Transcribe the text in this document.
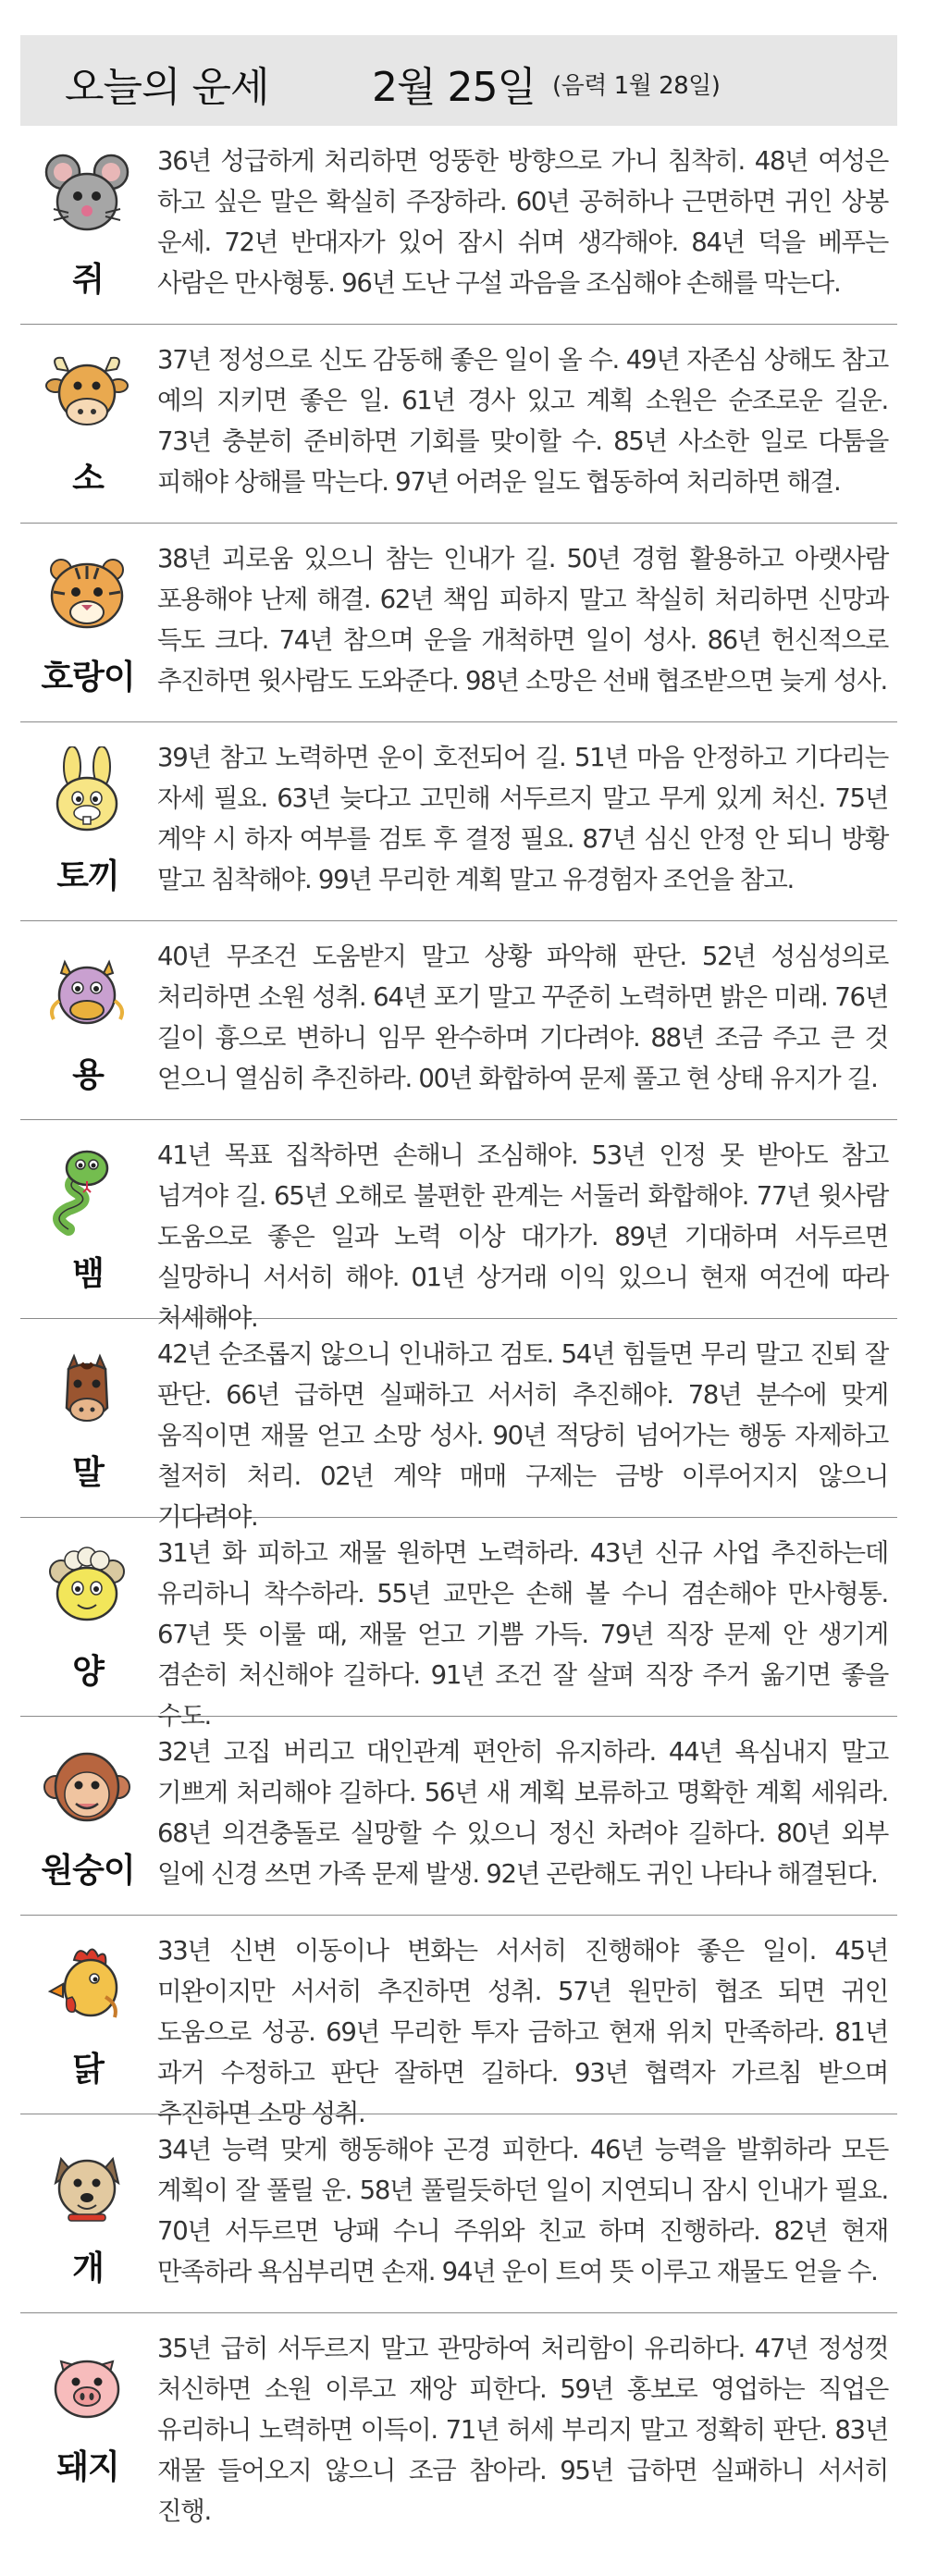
오늘의 운세	2월 25일 (음력 1월 28일)
쥐
36년 성급하게 처리하면 엉뚱한 방향으로 가니 침착히. 48년 여성은 하고 싶은 말은 확실히 주장하라. 60년 공허하나 근면하면 귀인 상봉 운세. 72년 반대자가 있어 잠시 쉬며 생각해야. 84년 덕을 베푸는 사람은 만사형통. 96년 도난 구설 과음을 조심해야 손해를 막는다.
소
37년 정성으로 신도 감동해 좋은 일이 올 수. 49년 자존심 상해도 참고 예의 지키면 좋은 일. 61년 경사 있고 계획 소원은 순조로운 길운. 73년 충분히 준비하면 기회를 맞이할 수. 85년 사소한 일로 다툼을 피해야 상해를 막는다. 97년 어려운 일도 협동하여 처리하면 해결.
호랑이
38년 괴로움 있으니 참는 인내가 길. 50년 경험 활용하고 아랫사람 포용해야 난제 해결. 62년 책임 피하지 말고 착실히 처리하면 신망과 득도 크다. 74년 참으며 운을 개척하면 일이 성사. 86년 헌신적으로 추진하면 윗사람도 도와준다. 98년 소망은 선배 협조받으면 늦게 성사.
토끼
39년 참고 노력하면 운이 호전되어 길. 51년 마음 안정하고 기다리는 자세 필요. 63년 늦다고 고민해 서두르지 말고 무게 있게 처신. 75년 계약 시 하자 여부를 검토 후 결정 필요. 87년 심신 안정 안 되니 방황 말고 침착해야. 99년 무리한 계획 말고 유경험자 조언을 참고.
용
40년 무조건 도움받지 말고 상황 파악해 판단. 52년 성심성의로 처리하면 소원 성취. 64년 포기 말고 꾸준히 노력하면 밝은 미래. 76년 길이 흉으로 변하니 임무 완수하며 기다려야. 88년 조금 주고 큰 것 얻으니 열심히 추진하라. 00년 화합하여 문제 풀고 현 상태 유지가 길.
뱀
41년 목표 집착하면 손해니 조심해야. 53년 인정 못 받아도 참고 넘겨야 길. 65년 오해로 불편한 관계는 서둘러 화합해야. 77년 윗사람 도움으로 좋은 일과 노력 이상 대가가. 89년 기대하며 서두르면 실망하니 서서히 해야. 01년 상거래 이익 있으니 현재 여건에 따라 처세해야.
말
42년 순조롭지 않으니 인내하고 검토. 54년 힘들면 무리 말고 진퇴 잘 판단. 66년 급하면 실패하고 서서히 추진해야. 78년 분수에 맞게 움직이면 재물 얻고 소망 성사. 90년 적당히 넘어가는 행동 자제하고 철저히 처리. 02년 계약 매매 구제는 금방 이루어지지 않으니 기다려야.
양
31년 화 피하고 재물 원하면 노력하라. 43년 신규 사업 추진하는데 유리하니 착수하라. 55년 교만은 손해 볼 수니 겸손해야 만사형통. 67년 뜻 이룰 때, 재물 얻고 기쁨 가득. 79년 직장 문제 안 생기게 겸손히 처신해야 길하다. 91년 조건 잘 살펴 직장 주거 옮기면 좋을 수도.
원숭이
32년 고집 버리고 대인관계 편안히 유지하라. 44년 욕심내지 말고 기쁘게 처리해야 길하다. 56년 새 계획 보류하고 명확한 계획 세워라. 68년 의견충돌로 실망할 수 있으니 정신 차려야 길하다. 80년 외부 일에 신경 쓰면 가족 문제 발생. 92년 곤란해도 귀인 나타나 해결된다.
닭
33년 신변 이동이나 변화는 서서히 진행해야 좋은 일이. 45년 미완이지만 서서히 추진하면 성취. 57년 원만히 협조 되면 귀인 도움으로 성공. 69년 무리한 투자 금하고 현재 위치 만족하라. 81년 과거 수정하고 판단 잘하면 길하다. 93년 협력자 가르침 받으며 추진하면 소망 성취.
개
34년 능력 맞게 행동해야 곤경 피한다. 46년 능력을 발휘하라 모든 계획이 잘 풀릴 운. 58년 풀릴듯하던 일이 지연되니 잠시 인내가 필요. 70년 서두르면 낭패 수니 주위와 친교 하며 진행하라. 82년 현재 만족하라 욕심부리면 손재. 94년 운이 트여 뜻 이루고 재물도 얻을 수.
돼지
35년 급히 서두르지 말고 관망하여 처리함이 유리하다. 47년 정성껏 처신하면 소원 이루고 재앙 피한다. 59년 홍보로 영업하는 직업은 유리하니 노력하면 이득이. 71년 허세 부리지 말고 정확히 판단. 83년 재물 들어오지 않으니 조금 참아라. 95년 급하면 실패하니 서서히 진행.
